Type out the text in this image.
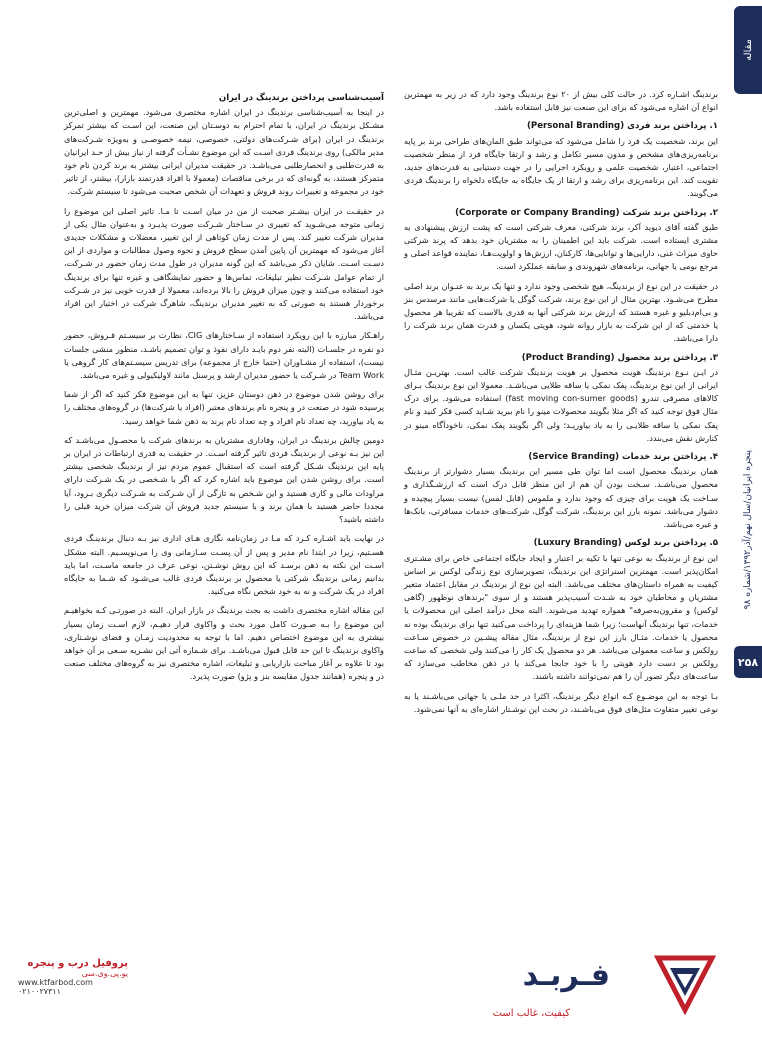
مقاله
پنجره ایرانیان/سال نهم/آذر۱۳۹۲/شماره ۹۸
۲۵۸

برندینگ اشـاره کرد. در حالت کلی بیش از ۲۰ نوع برندینگ وجود دارد که در زیر به مهمترین انواع آن اشاره می‌شود که برای این صنعت نیز قابل استفاده باشد.

۱. پرداختن برند فردی (Personal Branding)

این برند، شخصیت یک فرد را شامل می‌شود که می‌تواند طبق المان‌های طراحی برند بر پایه برنامه‌ریزی‌های مشخص و مدون مسیر تکامل و رشد و ارتقا جایگاه فرد از منظر شخصیت اجتماعی، اعتبار، شخصیت علمی و رویکرد اجرایی را در جهت دستیابی به قدرت‌های جدید، تقویت کند. این برنامه‌ریزی برای رشد و ارتقا از یک جایگاه به جایگاه دلخواه را برندینگ فردی می‌گویند.

۲. پرداختن برند شرکت (Corporate or Company Branding)

طبق گفته آقای دیوید آکر، برند شرکتی، معرف شرکتی است که پشت ارزش پیشنهادی به مشتری ایستاده است. شرکت باید این اطمینان را به مشتریان خود بدهد که پرند شرکتی حاوی میراث غنی، دارایی‌ها و توانایی‌ها، کارکنان، ارزش‌ها و اولویت‌هـا، نماینده قواعد اصلی و مرجع بومی یا جهانی، برنامه‌های شهروندی و سابقه عملکرد است.

در حقیقت در این نوع از برندینگ، هیچ شخصی وجود ندارد و تنها یک برند به عنـوان برند اصلی مطرح می‌شـود. بهترین مثال از این نوع برند، شرکت گوگل یا شرکت‌هایی مانند مرسدس بنز و بی‌ام‌دبلیو و غیره هستند که ارزش برند شرکتی آنها به قدری بالاست که تقریبا هر محصول یا خدمتی که از این شرکت به بازار روانه شود، هویتی یکسان و قدرت همان برند شرکت را دارا می‌باشد.

۳. پرداختن برند محصول (Product Branding)

در ایـن نـوع برندینگ هویت محصول بر هویت برندینگ شرکت غالب است. بهتریـن مثـال ایرانی از این نوع برندینگ، پفک نمکی یا ساقه طلایی می‌باشـد. معمولا این نوع برندینگ بـرای کالاهای مصرفی تندرو (fast moving con-sumer goods) استفاده می‌شود. برای درک مثال فوق توجه کنید که اگر مثلا بگویند محصولات مینو را نام ببرید شـاید کسی فکر کنید و نام پفک نمکی یا ساقه طلایـی را به یاد بیاوریـد؛ ولی اگر بگویند پفک نمکی، ناخودآگاه مینو در کنارش نقش می‌بندد.

۴. پرداختن برند خدمات (Service Branding)

همان برندینگ محصول است اما توان طی مسیر این برندینگ بسیار دشوارتر از برندینگ محصول می‌باشـد. سـخت بودن آن هم از این منظر قابل درک است که ارزشـگذاری و سـاخت یک هویت برای چیزی که وجود ندارد و ملموس (قابل لمس) نیست بسیار پیچیده و دشوار می‌باشد. نمونه بارز این برندینگ، شرکت گوگل، شرکت‌های خدمات مسافرتی، بانک‌ها و غیره می‌باشد.

۵. پرداختن برند لوکس (Luxury Branding)

این نوع از برندینگ به نوعی تنها با تکیه بر اعتبار و ایجاد جایگاه اجتماعی خاص برای مشـتری امکان‌پذیر است. مهمترین استراتژی این برندینگ، تصویرسازی نوع زندگی لوکس بر اساس کیفیت به همراه داستان‌های مختلف می‌باشد. البته این نوع از برندینگ در مقابل اعتماد متغیر مشتریان و مخاطبان خود به شـدت آسیب‌پذیر هستند و از سوی "برندهای نوظهور (گاهی لوکس) و مقرون‌به‌صرفه" همواره تهدید می‌شوند. البته محل درآمد اصلی این محصولات یا خدمات، تنها برندینگ آنهاست؛ زیرا شما هزینه‌ای را پرداخت می‌کنید تنها برای برندینگ بوده نه محصول یا خدمات. مثـال بارز این نوع از برندینگ، مثال مقاله پیشـین در خصوص سـاعت رولکس و ساعت معمولی می‌باشد. هر دو محصول یک کار را می‌کنند ولی شخصی که ساعت رولکس بر دست دارد هویتی را با خود جابجا می‌کند یا در ذهن مخاطب می‌سازد که ساعت‌های دیگر تصور آن را هم نمی‌توانند داشته باشند.

بـا توجه به این موضـوع کـه انواع دیگر برندینگ، اکثرا در حد ملـی یا جهانی می‌باشـند یا به نوعی تغییر متفاوت مثل‌های فوق می‌باشـند، در بحث این نوشـتار اشاره‌ای به آنها نمی‌شود.

آسیب‌شناسی پرداختن برندینگ در ایران

در اینجا به آسیب‌شناسی برندینگ در ایران اشاره مختصری می‌شود. مهمترین و اصلی‌ترین مشـکل برندینگ در ایران، با تمام احترام به دوسـتان این صنعت، این اسـت که بیشتر تمرکز برندینگ در ایران (برای شـرکت‌های دولتی، خصوصی، نیمه خصوصـی و به‌ویژه شـرکت‌های مدیر مالکی) روی برندینگ فردی اسـت که این موضوع نشـأت گرفته از نیاز بیش از حـد ایرانیان به قدرت‌طلبی و انحصارطلبی می‌باشـد. در حقیقت مدیران ایرانی بیشتر به برند کردن نام خود متمرکز هستند، به گونه‌ای که در برخی مناقصات (معمولا با افراد قدرتمند بازار)، بیشتر، از تاثیر خود در مجموعه و تغییرات روند فروش و تعهدات آن شخص صحبت می‌شود تا سیستم شرکت.

در حقیقـت در ایران بیشـتر صحبت از من در میان اسـت تا مـا. تاثیر اصلی این موضوع را زمانی متوجه می‌شـوید که تغییری در سـاختار شـرکت صورت پذیـرد و به‌عنوان مثال یکی از مدیران شرکت تغییر کند. پس از مدت زمان کوتاهی از این تغییر، معضلات و مشکلات جدیدی آغاز می‌شود که مهمترین آن پایین آمدن سطح فروش و نحوه وصول مطالبات و مواردی از این دسـت اسـت. شایان ذکر می‌باشد که این گونه مدیران در طول مدت زمان حضور در شـرکت، از تمام عوامل شـرکت نظیر تبلیغات، تماس‌ها و حضور نمایشگاهی و غیره تنها برای برندینگ خود استفاده می‌کنند و چون میزان فروش را بالا برده‌اند، معمولا از قدرت خوبی نیز در شـرکت برخوردار هستند به صورتی که به تغییر مدیران برندینگ، شاهرگ شرکت در اختیار این افراد می‌باشد.

راهـکار مبارزه با این رویکرد استفاده از سـاختارهای CIG، نظارت بر سیسـتم فـروش، حضور دو نفره در جلسـات (البته نفر دوم بایـد دارای نفوذ و توان تصمیم باشـد، منظور منشی جلسات نیست)، استفاده از مشـاوران (حتما خارج از مجموعه) برای تدریس سیسـتم‌های کار گروهی یا Team Work در شـرکت یا حضور مدیران ارشد و پرسنل مانند لاولیکیولی و غیره می‌باشد.

برای روشن شدن موضوع در ذهن دوستان عزیز، تنها به این موضوع فکر کنید که اگر از شما پرسیده شود در صنعت در و پنجره نام برندهای معتبر (افراد یا شرکت‌ها) در گروه‌های مختلف را به یاد بیاورید، چه تعداد نام افراد و چه تعداد نام برند به ذهن شما خواهد رسید.

دومین چالش برندینگ در ایران، وفاداری مشتریان به برندهای شرکت یا محصـول می‌باشـد که این نیز بـه نوعی از برندینگ فردی تاثیر گرفته اسـت. در حقیقت به قدری ارتباطات در ایران بر پایه این برندینگ شـکل گرفته است که استقبال عموم مردم نیز از برندینگ شخصی بیشتر است. برای روشن شدن این موضوع باید اشاره کرد که اگر با شـخصی در یک شـرکت دارای مراودات مالی و کاری هستید و این شـخص به تازگی از آن شـرکت به شـرکت دیگری بـرود، آیا مجددا حاضر هستید با همان برند و با سیستم جدید فروش آن شرکت میزان خرید قبلی را داشته باشید؟

در نهایت باید اشـاره کـرد که مـا در زمان‌نامه نگاری هـای اداری نیز بـه دنبال برندینـگ فردی هسـتیم، زیرا در ابتدا نام مدیر و پس از آن پسـت سـازمانی وی را می‌نویسـیم. البته مشکل اسـت این نکته به ذهن برسـد که این روش نوشـتن، نوعی عرف در جامعه ماسـت، اما باید بدانیم زمانی برندینگ شرکتی یا محصول بر برندینگ فردی غالب می‌شـود که شـما به جایگاه افراد در یک شرکت و نه به خود شخص نگاه می‌کنید.

این مقاله اشاره مختصری داشت به بحث برندینگ در بازار ایران. البته در صورتـی کـه بخواهیـم این موضوع را بـه صـورت کامل مورد بحث و واکاوی قرار دهیـم، لازم اسـت زمان بسیار بیشتری به این موضوع اختصاص دهیم. اما با توجه به محدودیت زمـان و فضای نوشـتاری، واکاوی برندینگ تا این حد قابل قبول می‌باشـد. برای شـماره آتی این نشـریه سـعی بر آن خواهد بود تا علاوه بر آغاز مباحث بازاریابی و تبلیغات، اشاره مختصری نیز به گروه‌های مختلف صنعت در و پنجره (همانند جدول مقایسه بنز و پژو) صورت پذیرد.

پروفیل درب و پنجره
یو.پی.وی.سی
www.ktfarbod.com
۰۲۱۰۰۲۷۳۱۱	فـربـد
کیفیت، غالب است
